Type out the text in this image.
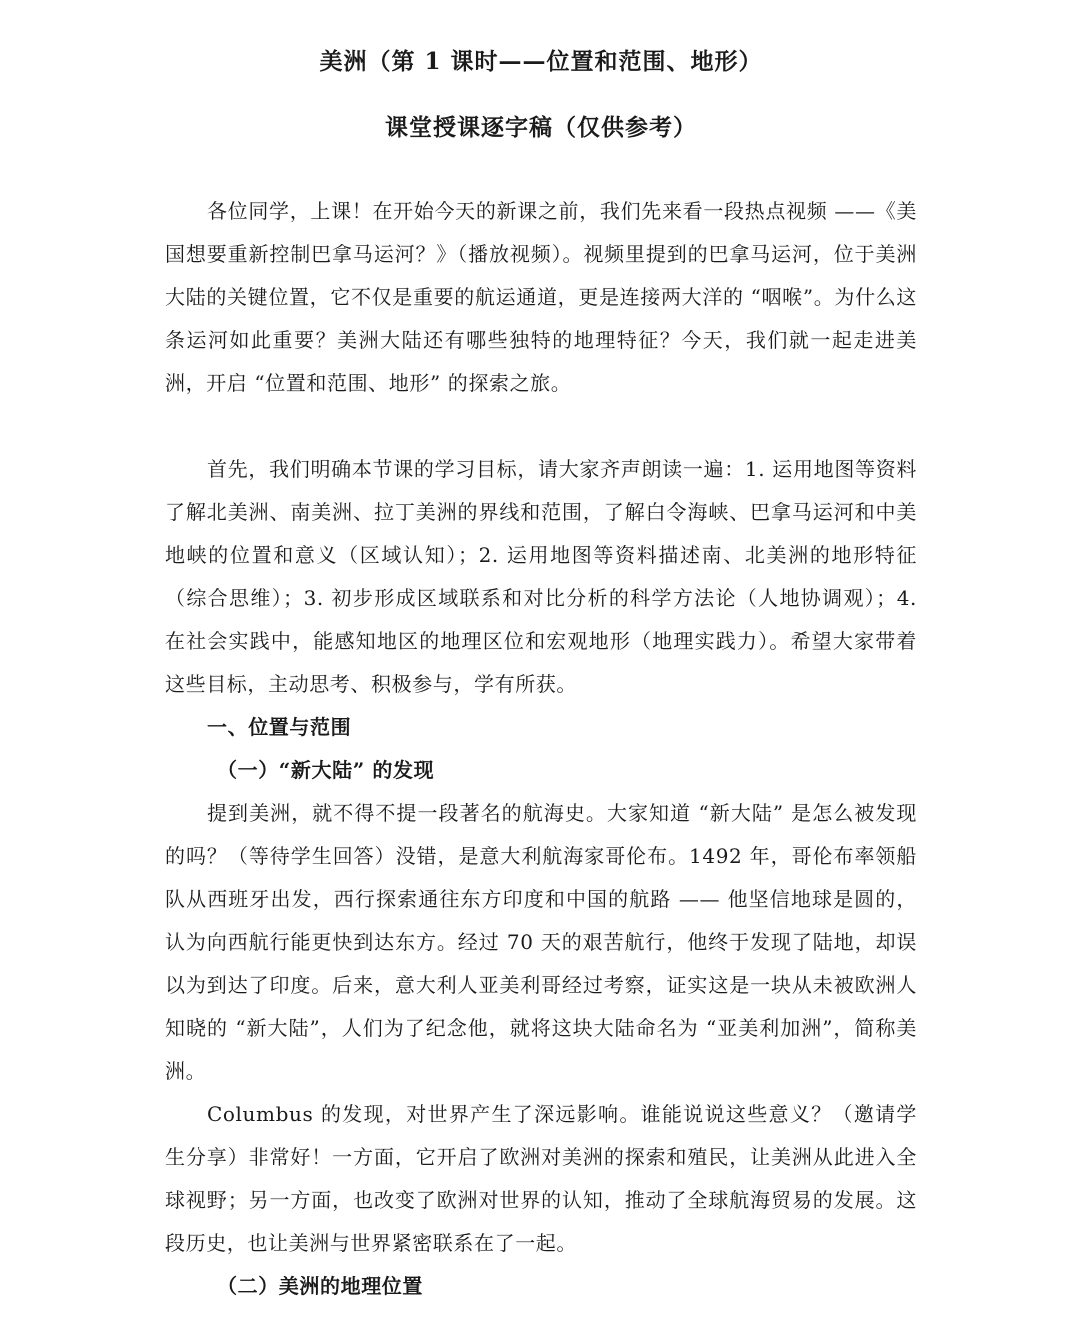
美洲（第 1 课时——位置和范围、地形）
课堂授课逐字稿（仅供参考）

各位同学，上课！在开始今天的新课之前，我们先来看一段热点视频 ——《美国想要重新控制巴拿马运河？》（播放视频）。视频里提到的巴拿马运河，位于美洲大陆的关键位置，它不仅是重要的航运通道，更是连接两大洋的 “咽喉”。为什么这条运河如此重要？美洲大陆还有哪些独特的地理特征？今天，我们就一起走进美洲，开启 “位置和范围、地形” 的探索之旅。

首先，我们明确本节课的学习目标，请大家齐声朗读一遍：1. 运用地图等资料了解北美洲、南美洲、拉丁美洲的界线和范围，了解白令海峡、巴拿马运河和中美地峡的位置和意义（区域认知）；2. 运用地图等资料描述南、北美洲的地形特征（综合思维）；3. 初步形成区域联系和对比分析的科学方法论（人地协调观）；4. 在社会实践中，能感知地区的地理区位和宏观地形（地理实践力）。希望大家带着这些目标，主动思考、积极参与，学有所获。

一、位置与范围
（一）“新大陆” 的发现

提到美洲，就不得不提一段著名的航海史。大家知道 “新大陆” 是怎么被发现的吗？（等待学生回答）没错，是意大利航海家哥伦布。1492 年，哥伦布率领船队从西班牙出发，西行探索通往东方印度和中国的航路 —— 他坚信地球是圆的，认为向西航行能更快到达东方。经过 70 天的艰苦航行，他终于发现了陆地，却误以为到达了印度。后来，意大利人亚美利哥经过考察，证实这是一块从未被欧洲人知晓的 “新大陆”，人们为了纪念他，就将这块大陆命名为 “亚美利加洲”，简称美洲。

Columbus 的发现，对世界产生了深远影响。谁能说说这些意义？（邀请学生分享）非常好！一方面，它开启了欧洲对美洲的探索和殖民，让美洲从此进入全球视野；另一方面，也改变了欧洲对世界的认知，推动了全球航海贸易的发展。这段历史，也让美洲与世界紧密联系在了一起。

（二）美洲的地理位置
